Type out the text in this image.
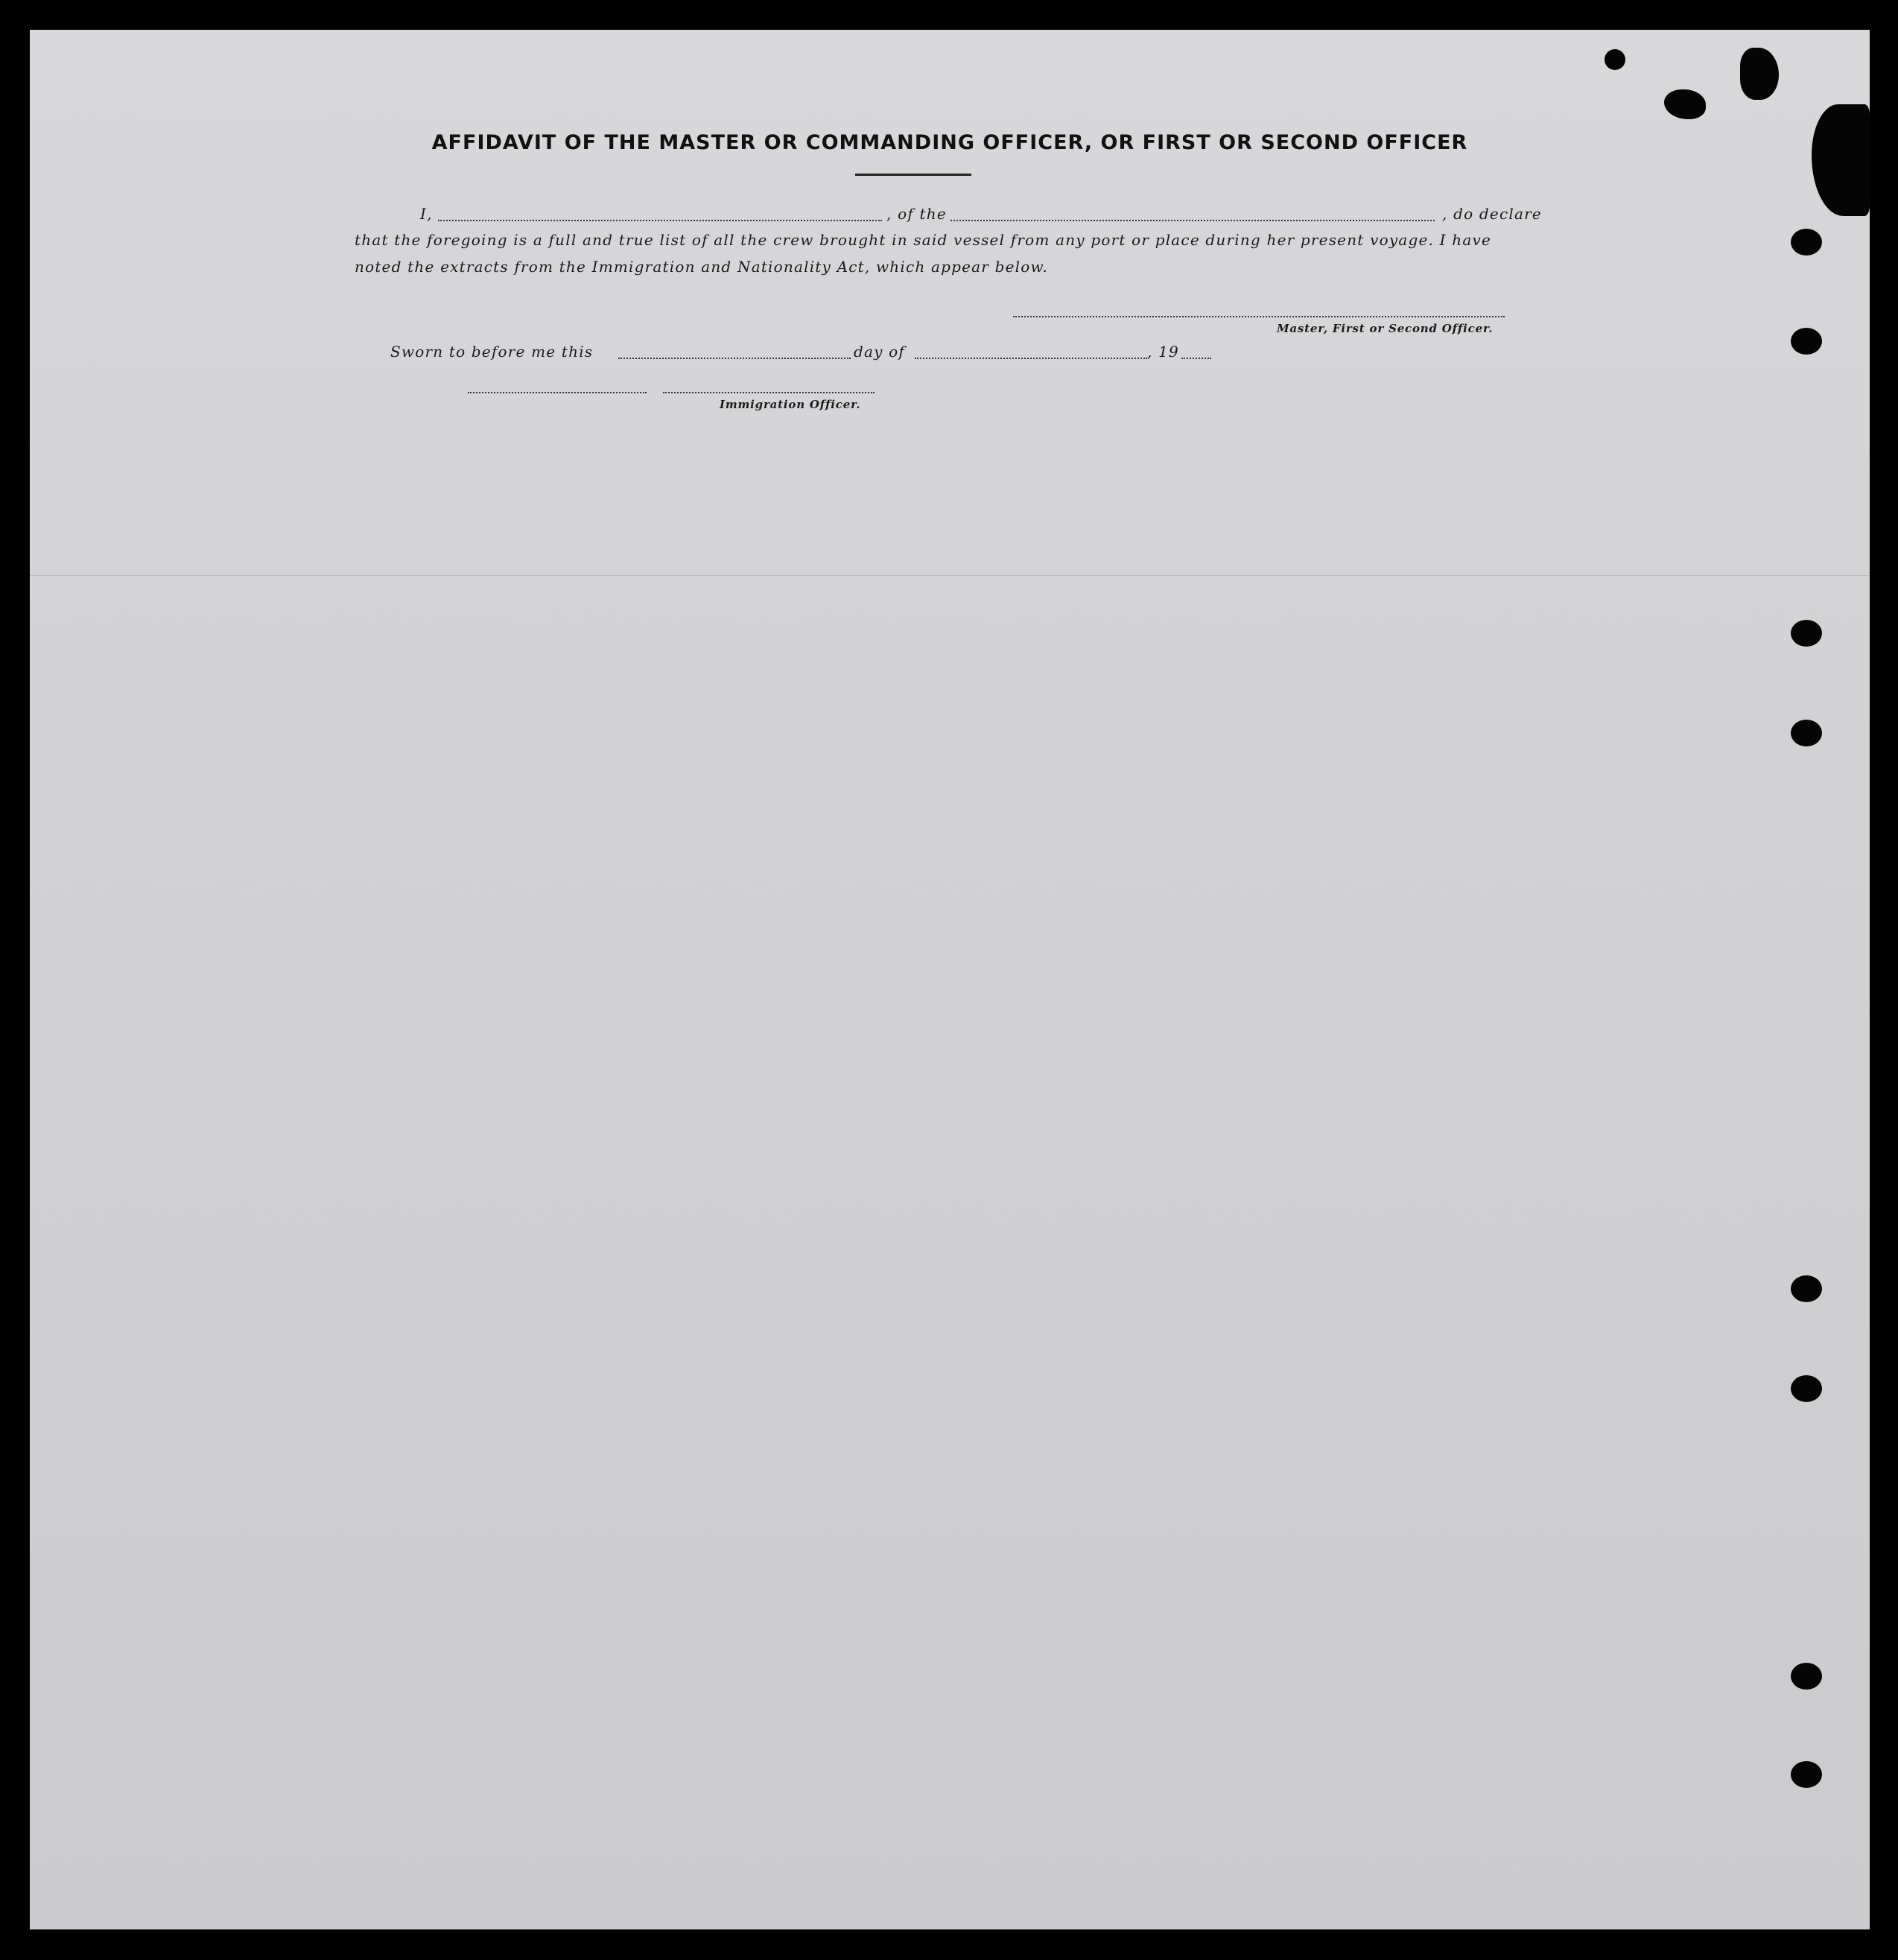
AFFIDAVIT OF THE MASTER OR COMMANDING OFFICER, OR FIRST OR SECOND OFFICER
I,	, of the	, do declare
that the foregoing is a full and true list of all the crew brought in said vessel from any port or place during her present voyage. I have
noted the extracts from the Immigration and Nationality Act, which appear below.
Master, First or Second Officer.
Sworn to before me this	day of	, 19
Immigration Officer.
